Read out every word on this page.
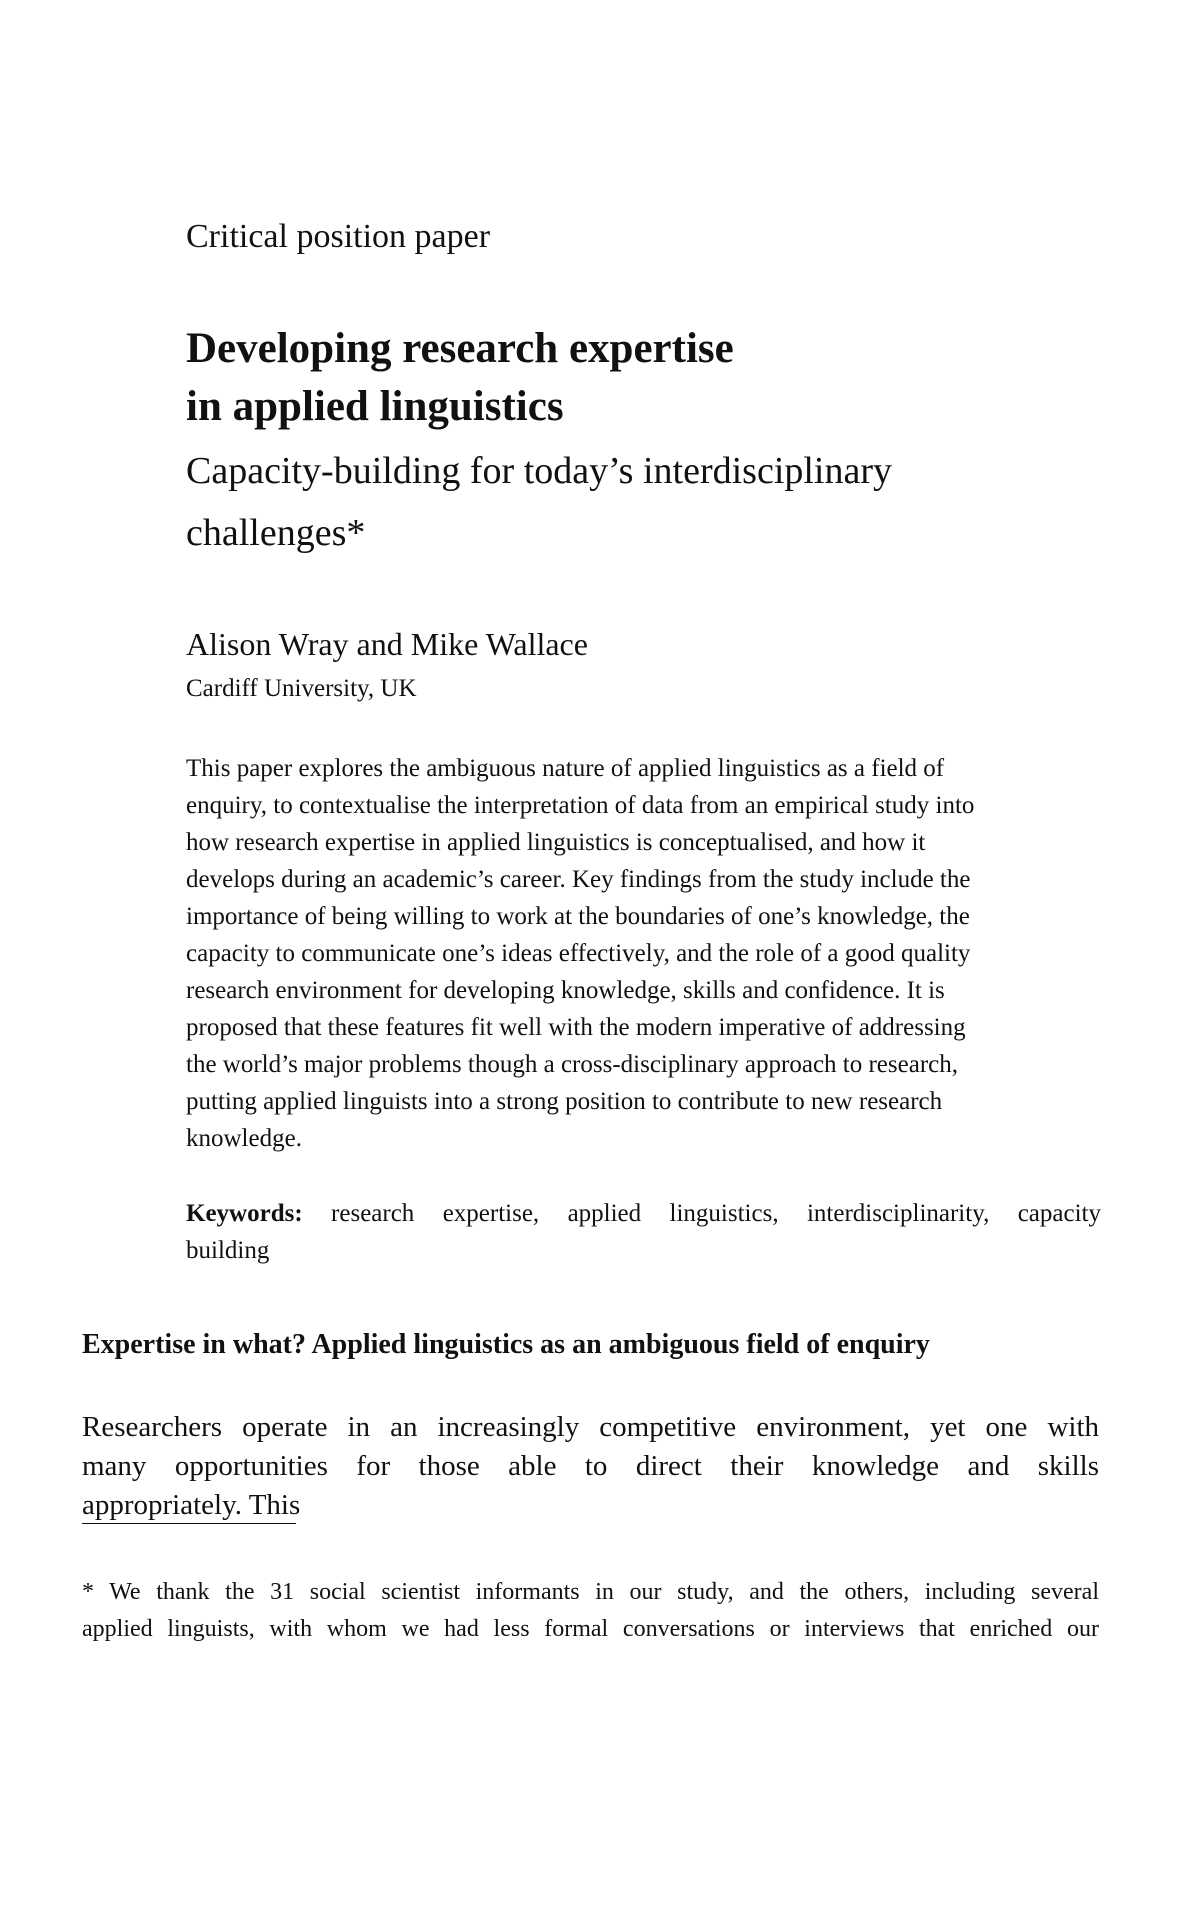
Critical position paper

Developing research expertise
in applied linguistics
Capacity-building for today’s interdisciplinary
challenges*

Alison Wray and Mike Wallace

Cardiff University, UK

This paper explores the ambiguous nature of applied linguistics as a field of
enquiry, to contextualise the interpretation of data from an empirical study into
how research expertise in applied linguistics is conceptualised, and how it
develops during an academic’s career. Key findings from the study include the
importance of being willing to work at the boundaries of one’s knowledge, the
capacity to communicate one’s ideas effectively, and the role of a good quality
research environment for developing knowledge, skills and confidence. It is
proposed that these features fit well with the modern imperative of addressing
the world’s major problems though a cross-disciplinary approach to research,
putting applied linguists into a strong position to contribute to new research
knowledge.
Keywords: research expertise, applied linguistics, interdisciplinarity, capacity
building
Expertise in what? Applied linguistics as an ambiguous field of enquiry
Researchers operate in an increasingly competitive environment, yet one with
many opportunities for those able to direct their knowledge and skills
appropriately. This
* We thank the 31 social scientist informants in our study, and the others, including several
applied linguists, with whom we had less formal conversations or interviews that enriched our
